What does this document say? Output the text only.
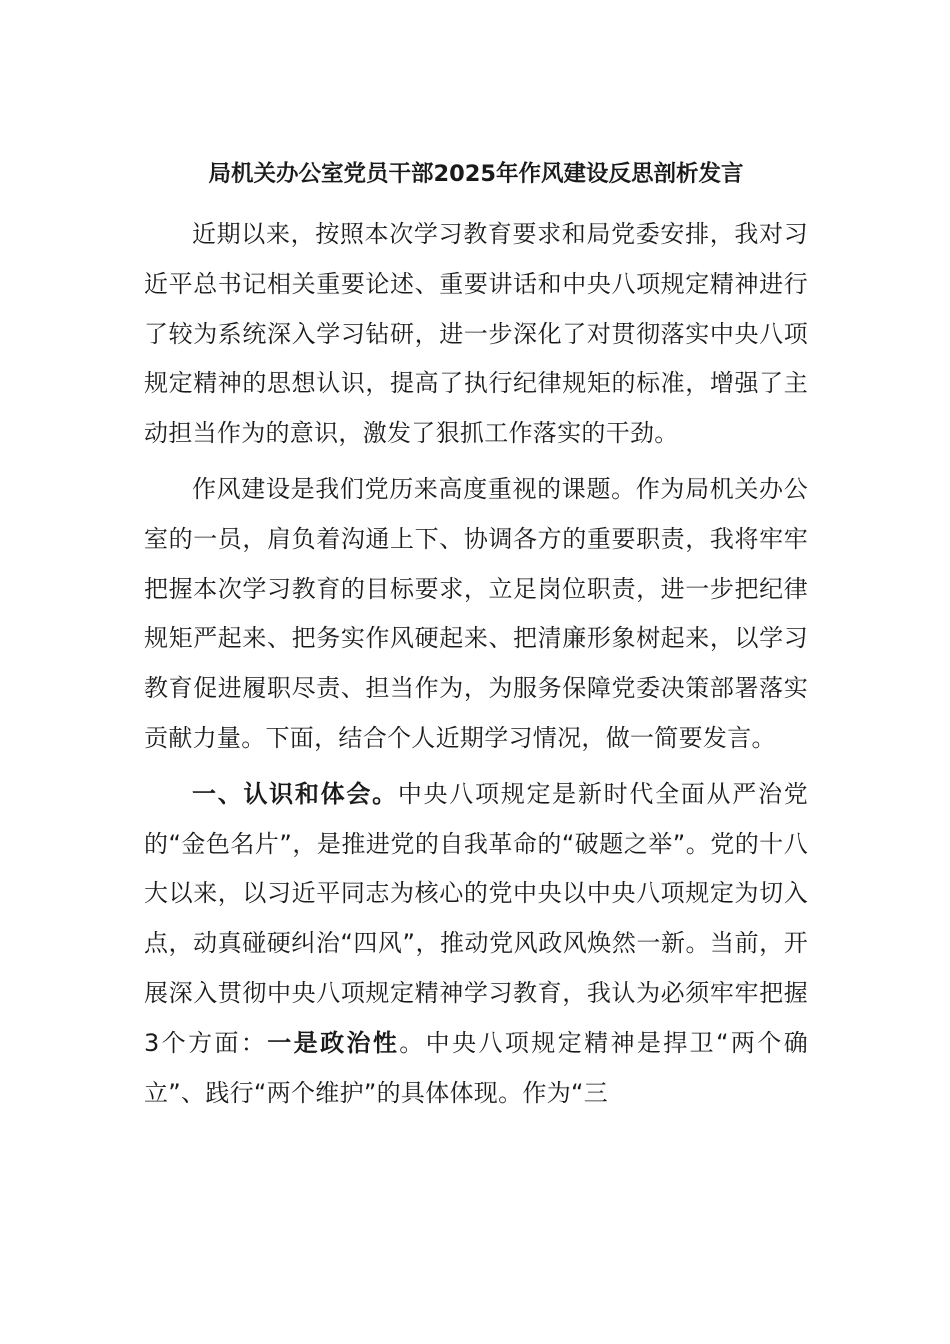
局机关办公室党员干部2025年作风建设反思剖析发言

近期以来，按照本次学习教育要求和局党委安排，我对习近平总书记相关重要论述、重要讲话和中央八项规定精神进行了较为系统深入学习钻研，进一步深化了对贯彻落实中央八项规定精神的思想认识，提高了执行纪律规矩的标准，增强了主动担当作为的意识，激发了狠抓工作落实的干劲。

作风建设是我们党历来高度重视的课题。作为局机关办公室的一员，肩负着沟通上下、协调各方的重要职责，我将牢牢把握本次学习教育的目标要求，立足岗位职责，进一步把纪律规矩严起来、把务实作风硬起来、把清廉形象树起来，以学习教育促进履职尽责、担当作为，为服务保障党委决策部署落实贡献力量。下面，结合个人近期学习情况，做一简要发言。

一、认识和体会。中央八项规定是新时代全面从严治党的“金色名片”，是推进党的自我革命的“破题之举”。党的十八大以来，以习近平同志为核心的党中央以中央八项规定为切入点，动真碰硬纠治“四风”，推动党风政风焕然一新。当前，开展深入贯彻中央八项规定精神学习教育，我认为必须牢牢把握3个方面：一是政治性。中央八项规定精神是捍卫“两个确立”、践行“两个维护”的具体体现。作为“三
